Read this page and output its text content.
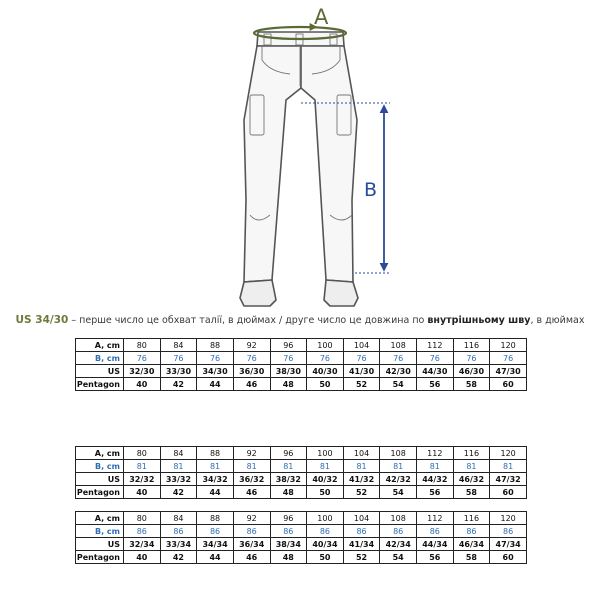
A
B
US 34/30 – перше число це обхват талії, в дюймах / друге число це довжина по внутрішньому шву, в дюймах
A, cm	80	84	88	92	96	100	104	108	112	116	120
B, cm	76	76	76	76	76	76	76	76	76	76	76
US	32/30	33/30	34/30	36/30	38/30	40/30	41/30	42/30	44/30	46/30	47/30
Pentagon	40	42	44	46	48	50	52	54	56	58	60
A, cm	80	84	88	92	96	100	104	108	112	116	120
B, cm	81	81	81	81	81	81	81	81	81	81	81
US	32/32	33/32	34/32	36/32	38/32	40/32	41/32	42/32	44/32	46/32	47/32
Pentagon	40	42	44	46	48	50	52	54	56	58	60
A, cm	80	84	88	92	96	100	104	108	112	116	120
B, cm	86	86	86	86	86	86	86	86	86	86	86
US	32/34	33/34	34/34	36/34	38/34	40/34	41/34	42/34	44/34	46/34	47/34
Pentagon	40	42	44	46	48	50	52	54	56	58	60
